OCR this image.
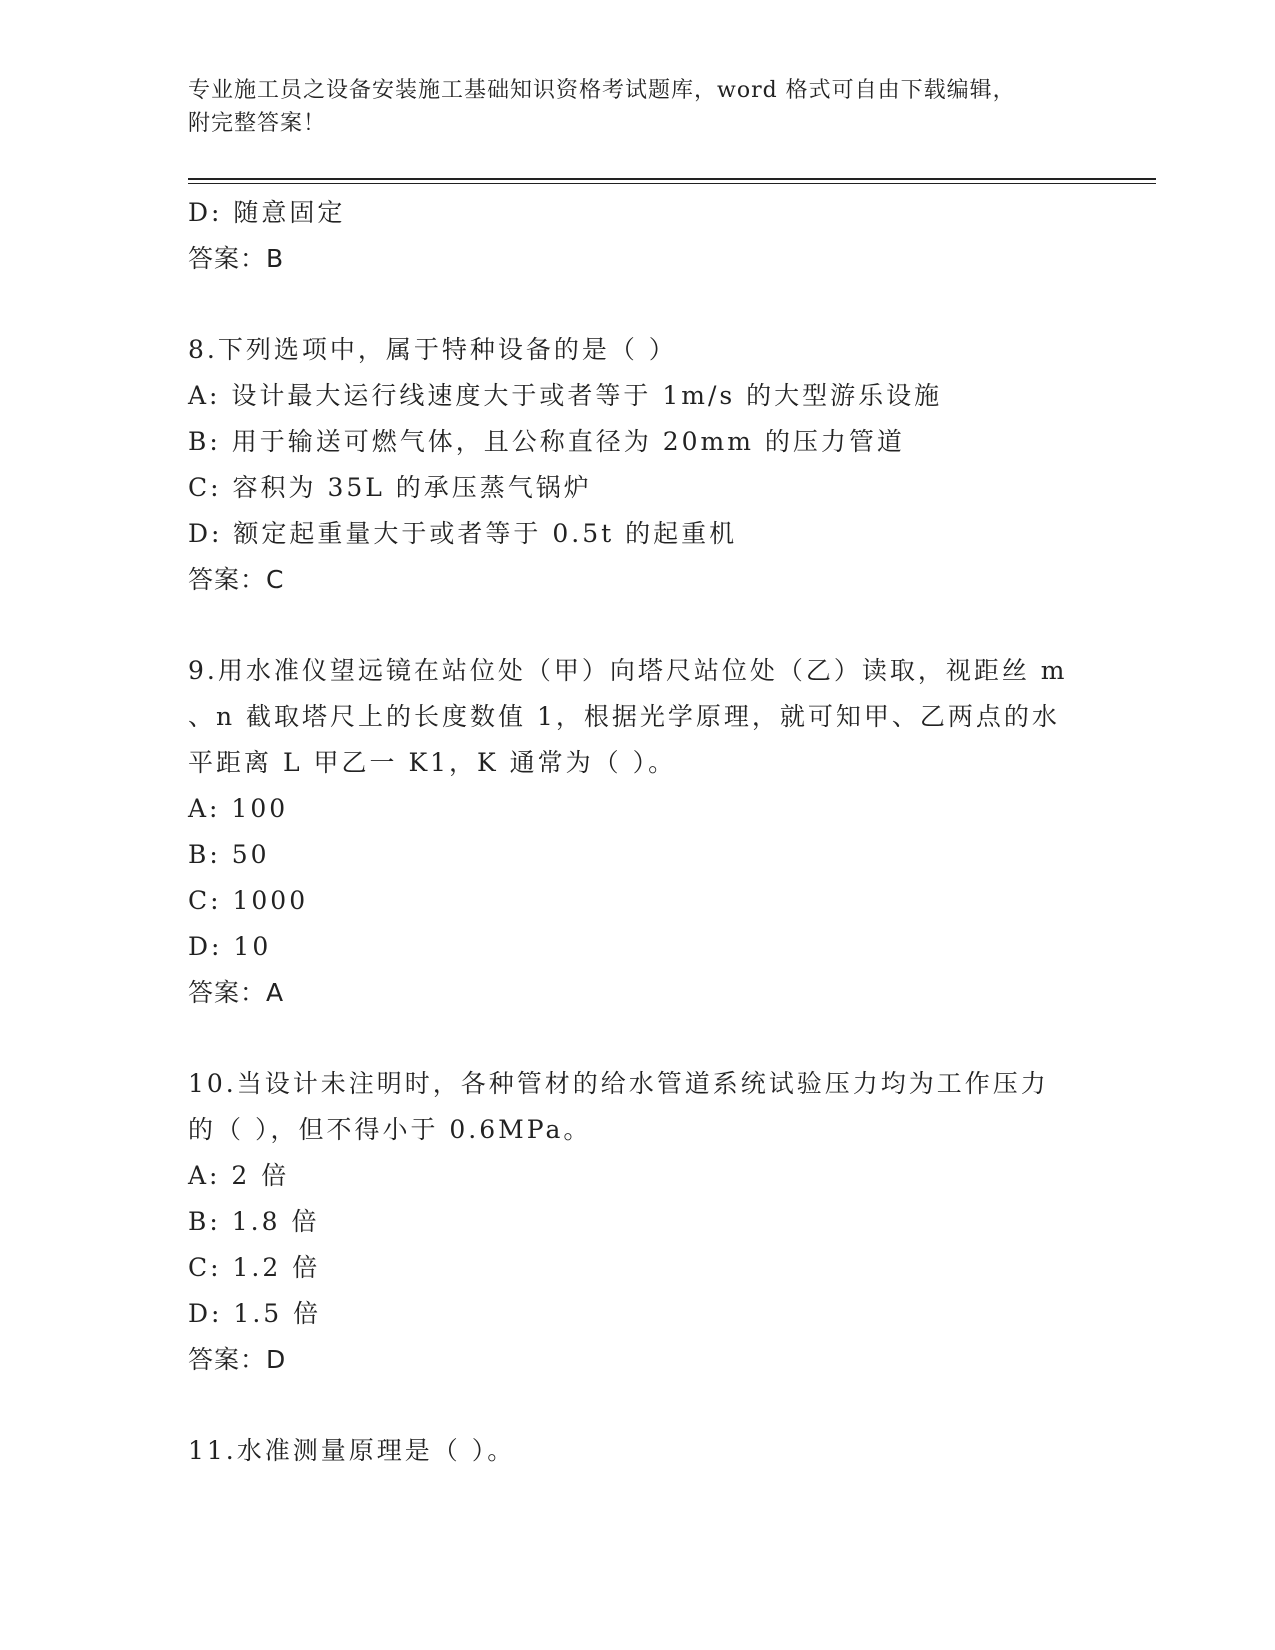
专业施工员之设备安装施工基础知识资格考试题库，word 格式可自由下载编辑，
附完整答案！
D: 随意固定
答案：B
8.下列选项中，属于特种设备的是（ ）
A: 设计最大运行线速度大于或者等于 1m/s 的大型游乐设施
B: 用于输送可燃气体，且公称直径为 20mm 的压力管道
C: 容积为 35L 的承压蒸气锅炉
D: 额定起重量大于或者等于 0.5t 的起重机
答案：C
9.用水准仪望远镜在站位处（甲）向塔尺站位处（乙）读取，视距丝 m
、n 截取塔尺上的长度数值 1，根据光学原理，就可知甲、乙两点的水
平距离 L 甲乙一 K1，K 通常为（ ）。
A: 100
B: 50
C: 1000
D: 10
答案：A
10.当设计未注明时，各种管材的给水管道系统试验压力均为工作压力
的（ ），但不得小于 0.6MPa。
A: 2 倍
B: 1.8 倍
C: 1.2 倍
D: 1.5 倍
答案：D
11.水准测量原理是（ ）。
